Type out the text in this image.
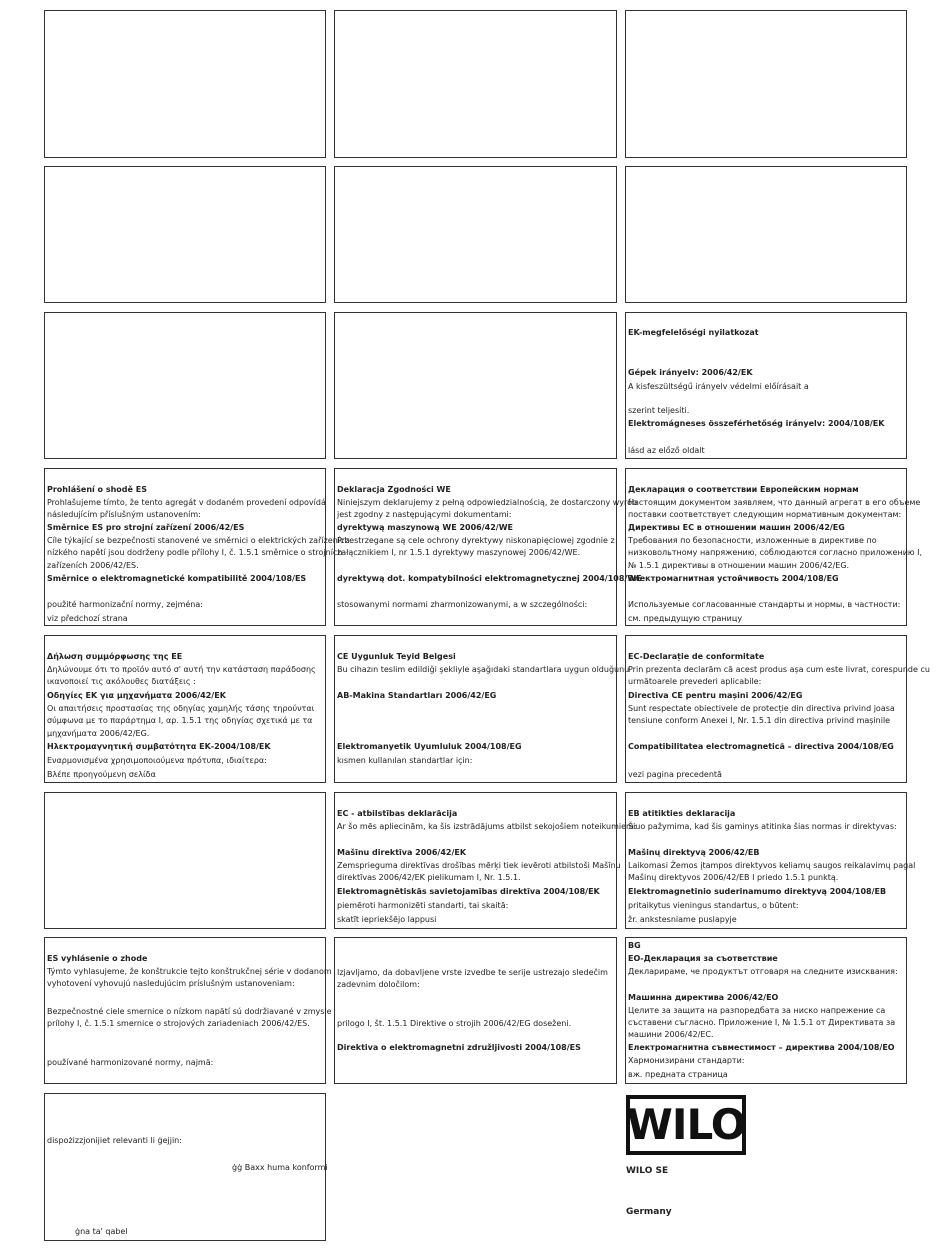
EK-megfelelőségi nyilatkozat
Gépek irányelv: 2006/42/EK
A kisfeszültségű irányelv védelmi előírásait a
szerint teljesíti.
Elektromágneses összeférhetőség irányelv: 2004/108/EK
lásd az előző oldalt
Prohlášení o shodě ES
Prohlašujeme tímto, že tento agregát v dodaném provedení odpovídá
následujícím příslušným ustanovením:
Směrnice ES pro strojní zařízení 2006/42/ES
Cíle týkající se bezpečnosti stanovené ve směrnici o elektrických zařízeních
nízkého napětí jsou dodrženy podle přílohy I, č. 1.5.1 směrnice o strojních
zařízeních 2006/42/ES.
Směrnice o elektromagnetické kompatibilitě 2004/108/ES
použité harmonizační normy, zejména:
viz předchozí strana
Deklaracja Zgodności WE
Niniejszym deklarujemy z pełną odpowiedzialnością, że dostarczony wyrób
jest zgodny z następującymi dokumentami:
dyrektywą maszynową WE 2006/42/WE
Przestrzegane są cele ochrony dyrektywy niskonapięciowej zgodnie z
załącznikiem I, nr 1.5.1 dyrektywy maszynowej 2006/42/WE.
dyrektywą dot. kompatybilności elektromagnetycznej 2004/108/WE
stosowanymi normami zharmonizowanymi, a w szczególności:
Декларация о соответствии Европейским нормам
Настоящим документом заявляем, что данный агрегат в его объеме
поставки соответствует следующим нормативным документам:
Директивы ЕС в отношении машин 2006/42/EG
Требования по безопасности, изложенные в директиве по
низковольтному напряжению, соблюдаются согласно приложению I,
№ 1.5.1 директивы в отношении машин 2006/42/EG.
Электромагнитная устойчивость 2004/108/EG
Используемые согласованные стандарты и нормы, в частности:
см. предыдущую страницу
Δήλωση συμμόρφωσης της ΕΕ
Δηλώνουμε ότι το προϊόν αυτό σ' αυτή την κατάσταση παράδοσης
ικανοποιεί τις ακόλουθες διατάξεις :
Οδηγίες ΕΚ για μηχανήματα 2006/42/ΕΚ
Οι απαιτήσεις προστασίας της οδηγίας χαμηλής τάσης τηρούνται
σύμφωνα με το παράρτημα I, αρ. 1.5.1 της οδηγίας σχετικά με τα
μηχανήματα 2006/42/ΕG.
Ηλεκτρομαγνητική συμβατότητα ΕΚ-2004/108/ΕΚ
Εναρμονισμένα χρησιμοποιούμενα πρότυπα, ιδιαίτερα:
Βλέπε προηγούμενη σελίδα
CE Uygunluk Teyid Belgesi
Bu cihazın teslim edildiği şekliyle aşağıdaki standartlara uygun olduğunu
AB-Makina Standartları 2006/42/EG
Elektromanyetik Uyumluluk 2004/108/EG
kısmen kullanılan standartlar için:
EC-Declarație de conformitate
Prin prezenta declarăm că acest produs așa cum este livrat, corespunde cu
următoarele prevederi aplicabile:
Directiva CE pentru mașini 2006/42/EG
Sunt respectate obiectivele de protecție din directiva privind joasa
tensiune conform Anexei I, Nr. 1.5.1 din directiva privind mașinile
Compatibilitatea electromagnetică – directiva 2004/108/EG
vezi pagina precedentă
EC - atbilstības deklarācija
Ar šo mēs apliecinām, ka šis izstrādājums atbilst sekojošiem noteikumiem:
Mašīnu direktīva 2006/42/EK
Zemsprieguma direktīvas drošības mērķi tiek ievēroti atbilstoši Mašīnu
direktīvas 2006/42/EK pielikumam I, Nr. 1.5.1.
Elektromagnētiskās savietojamības direktīva 2004/108/EK
piemēroti harmonizēti standarti, tai skaitā:
skatīt iepriekšējo lappusi
EB atitikties deklaracija
Šiuo pažymima, kad šis gaminys atitinka šias normas ir direktyvas:
Mašinų direktyvą 2006/42/EB
Laikomasi Žemos įtampos direktyvos keliamų saugos reikalavimų pagal
Mašinų direktyvos 2006/42/EB I priedo 1.5.1 punktą.
Elektromagnetinio suderinamumo direktyvą 2004/108/EB
pritaikytus vieningus standartus, o būtent:
žr. ankstesniame puslapyje
ES vyhlásenie o zhode
Týmto vyhlasujeme, že konštrukcie tejto konštrukčnej série v dodanom
vyhotovení vyhovujú nasledujúcim príslušným ustanoveniam:
Bezpečnostné ciele smernice o nízkom napätí sú dodržiavané v zmysle
prílohy I, č. 1.5.1 smernice o strojových zariadeniach 2006/42/ES.
používané harmonizované normy, najmä:
Izjavljamo, da dobavljene vrste izvedbe te serije ustrezajo sledečim
zadevnim določilom:
prilogo I, št. 1.5.1 Direktive o strojih 2006/42/EG doseženi.
Direktiva o elektromagnetni združljivosti 2004/108/ES
BG
ЕО-Декларация за съответствие
Декларираме, че продуктът отговаря на следните изисквания:
Машинна директива 2006/42/EO
Целите за защита на разпоредбата за ниско напрежение са
съставени съгласно. Приложение I, № 1.5.1 от Директивата за
машини 2006/42/ЕС.
Електромагнитна съвместимост – директива 2004/108/ЕО
Хармонизирани стандарти:
вж. предната страница
dispożizzjonijiet relevanti li ġejjin:
ġġ Baxx huma konformi
ġna ta' qabel
WILO
WILO SE
Germany
